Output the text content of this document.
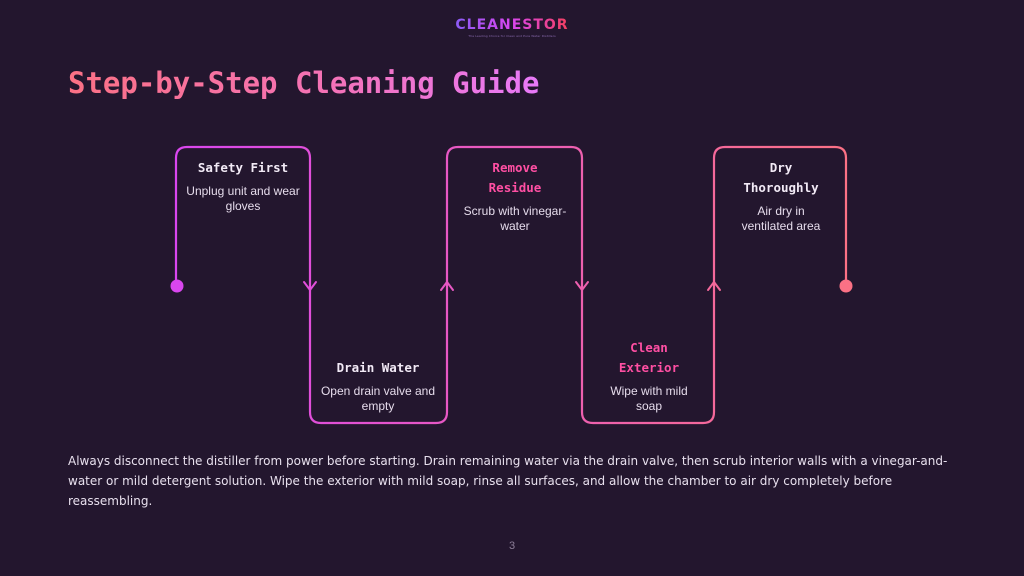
CLEANESTOR
The Leading Choice for Clean and Pure Water Distillers
Step-by-Step Cleaning Guide
Safety First
Unplug unit and wear gloves
Drain Water
Open drain valve and empty
Remove Residue
Scrub with vinegar-water
Clean Exterior
Wipe with mild soap
Dry Thoroughly
Air dry in ventilated area
Always disconnect the distiller from power before starting. Drain remaining water via the drain valve, then scrub interior walls with a vinegar-and-water or mild detergent solution. Wipe the exterior with mild soap, rinse all surfaces, and allow the chamber to air dry completely before reassembling.
3
